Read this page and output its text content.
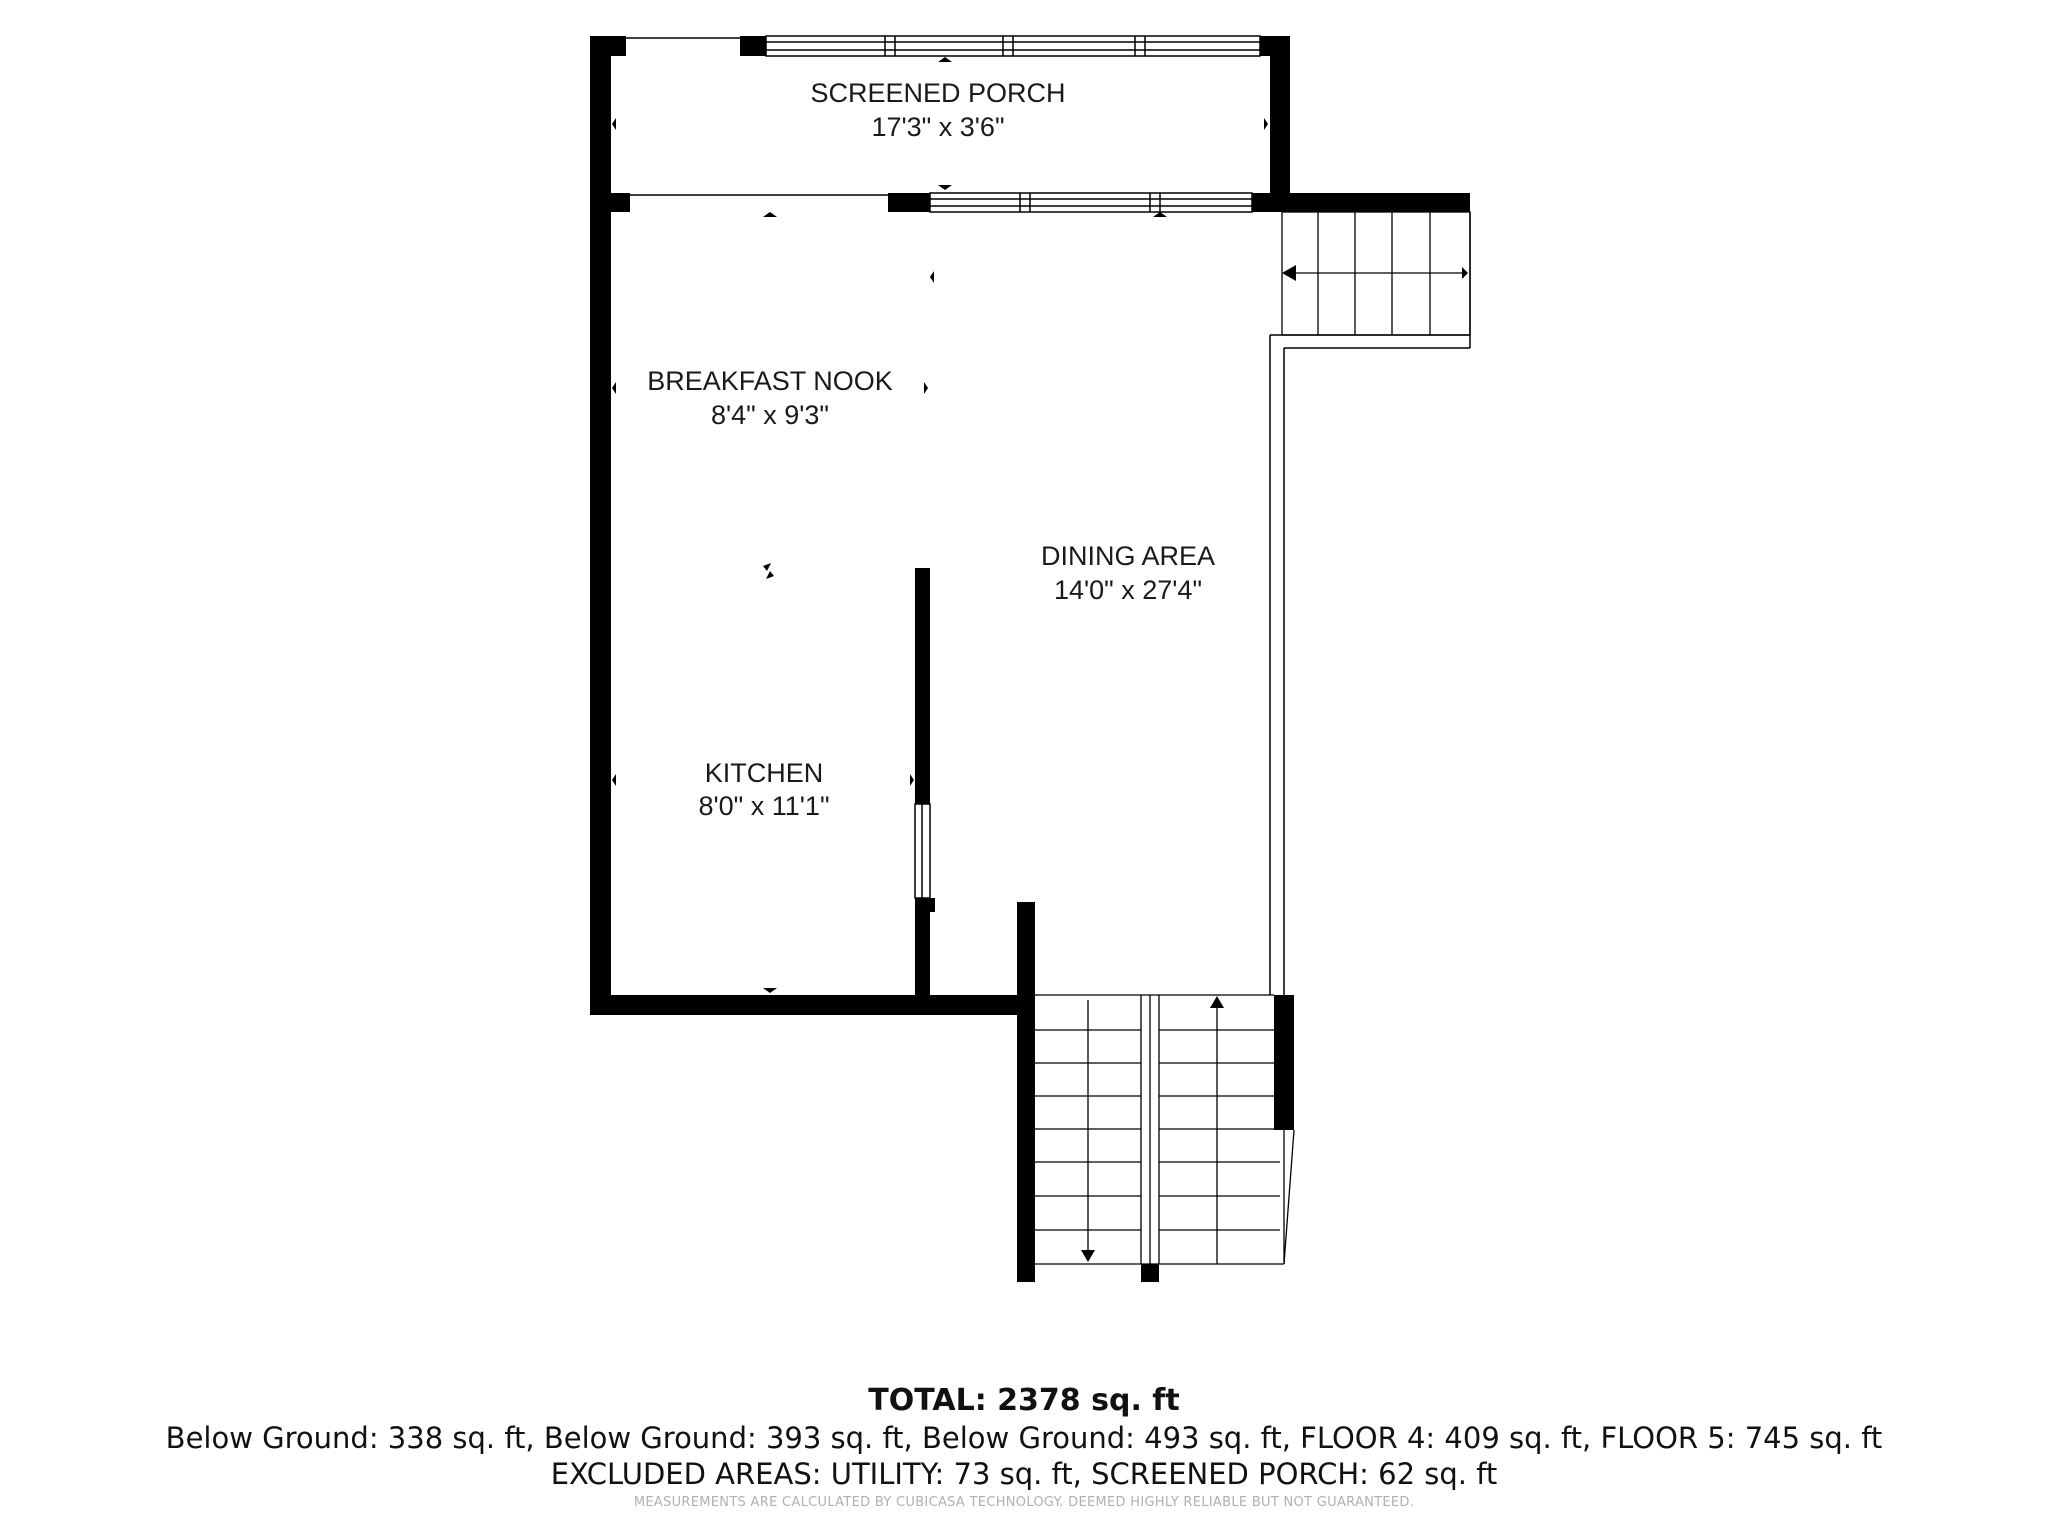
SCREENED PORCH
17'3" x 3'6"
BREAKFAST NOOK
8'4" x 9'3"
DINING AREA
14'0" x 27'4"
KITCHEN
8'0" x 11'1"
TOTAL: 2378 sq. ft
Below Ground: 338 sq. ft, Below Ground: 393 sq. ft, Below Ground: 493 sq. ft, FLOOR 4: 409 sq. ft, FLOOR 5: 745 sq. ft
EXCLUDED AREAS: UTILITY: 73 sq. ft, SCREENED PORCH: 62 sq. ft
MEASUREMENTS ARE CALCULATED BY CUBICASA TECHNOLOGY. DEEMED HIGHLY RELIABLE BUT NOT GUARANTEED.
